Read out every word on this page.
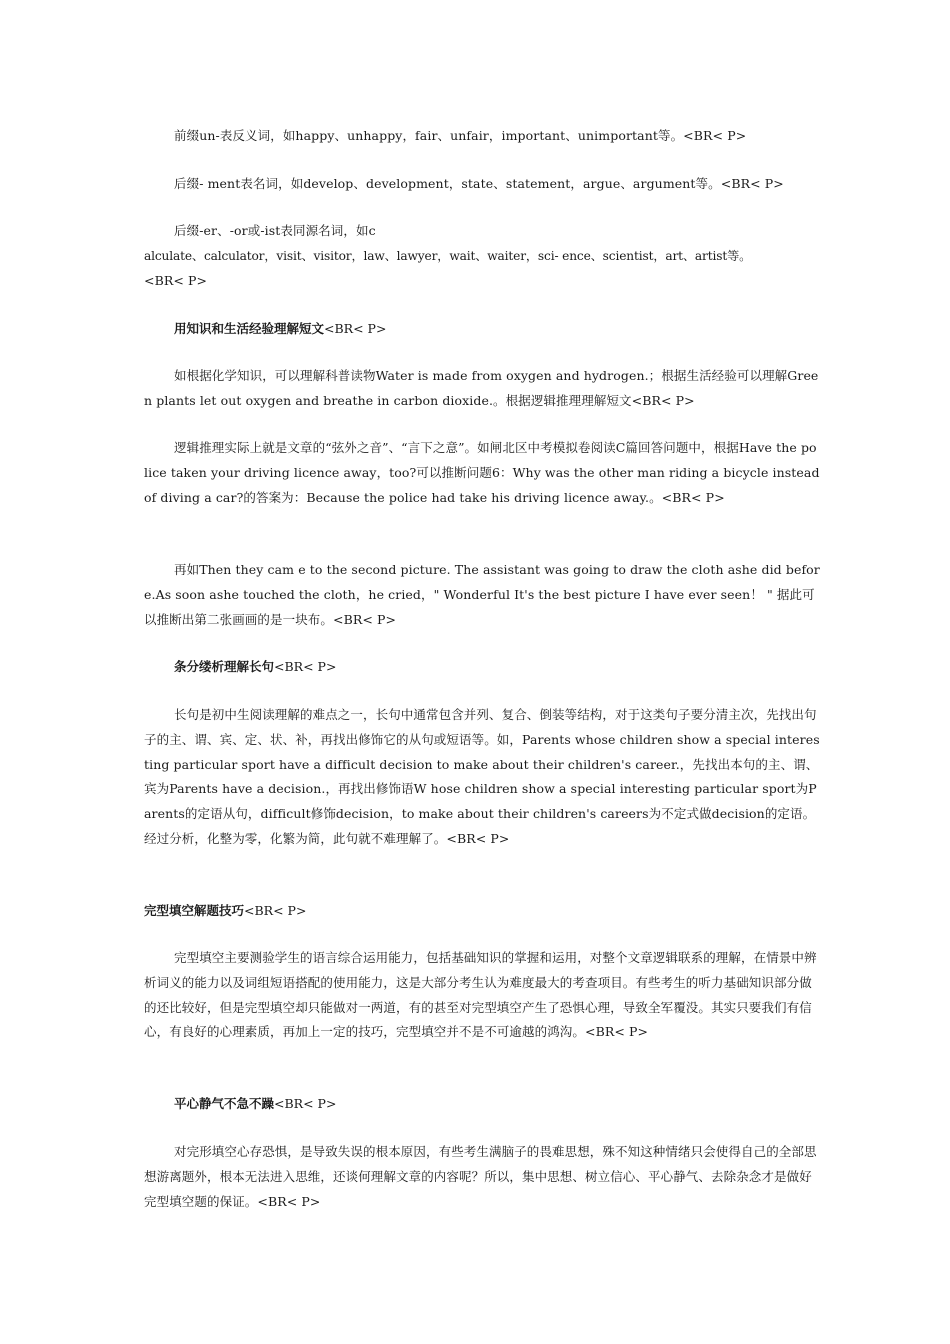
前缀un-表反义词，如happy、unhappy，fair、unfair，important、unimportant等。<BR< P>

后缀- ment表名词，如develop、development，state、statement，argue、argument等。<BR< P>

后缀-er、-or或-ist表同源名词，如c
alculate、calculator，visit、visitor，law、lawyer，wait、waiter，sci- ence、scientist，art、artist等。
<BR< P>

用知识和生活经验理解短文<BR< P>

如根据化学知识，可以理解科普读物Water is made from oxygen and hydrogen.；根据生活经验可以理解Green plants let out oxygen and breathe in carbon dioxide.。根据逻辑推理理解短文<BR< P>

逻辑推理实际上就是文章的“弦外之音”、“言下之意”。如闸北区中考模拟卷阅读C篇回答问题中，根据Have the police taken your driving licence away，too?可以推断问题6：Why was the other man riding a bicycle instead of diving a car?的答案为：Because the police had take his driving licence away.。<BR< P>

再如Then they cam e to the second picture. The assistant was going to draw the cloth ashe did before.As soon ashe touched the cloth，he cried，" Wonderful It's the best picture I have ever seen！ " 据此可以推断出第二张画画的是一块布。<BR< P>

条分缕析理解长句<BR< P>

长句是初中生阅读理解的难点之一，长句中通常包含并列、复合、倒装等结构，对于这类句子要分清主次，先找出句子的主、谓、宾、定、状、补，再找出修饰它的从句或短语等。如，Parents whose children show a special interesting particular sport have a difficult decision to make about their children's career.，先找出本句的主、谓、宾为Parents have a decision.，再找出修饰语W hose children show a special interesting particular sport为Parents的定语从句，difficult修饰decision，to make about their children's careers为不定式做decision的定语。经过分析，化整为零，化繁为简，此句就不难理解了。<BR< P>

完型填空解题技巧<BR< P>

完型填空主要测验学生的语言综合运用能力，包括基础知识的掌握和运用，对整个文章逻辑联系的理解，在情景中辨析词义的能力以及词组短语搭配的使用能力，这是大部分考生认为难度最大的考查项目。有些考生的听力基础知识部分做的还比较好，但是完型填空却只能做对一两道，有的甚至对完型填空产生了恐惧心理，导致全军覆没。其实只要我们有信心，有良好的心理素质，再加上一定的技巧，完型填空并不是不可逾越的鸿沟。<BR< P>

平心静气不急不躁<BR< P>

对完形填空心存恐惧，是导致失误的根本原因，有些考生满脑子的畏难思想，殊不知这种情绪只会使得自己的全部思想游离题外，根本无法进入思维，还谈何理解文章的内容呢？所以，集中思想、树立信心、平心静气、去除杂念才是做好完型填空题的保证。<BR< P>
